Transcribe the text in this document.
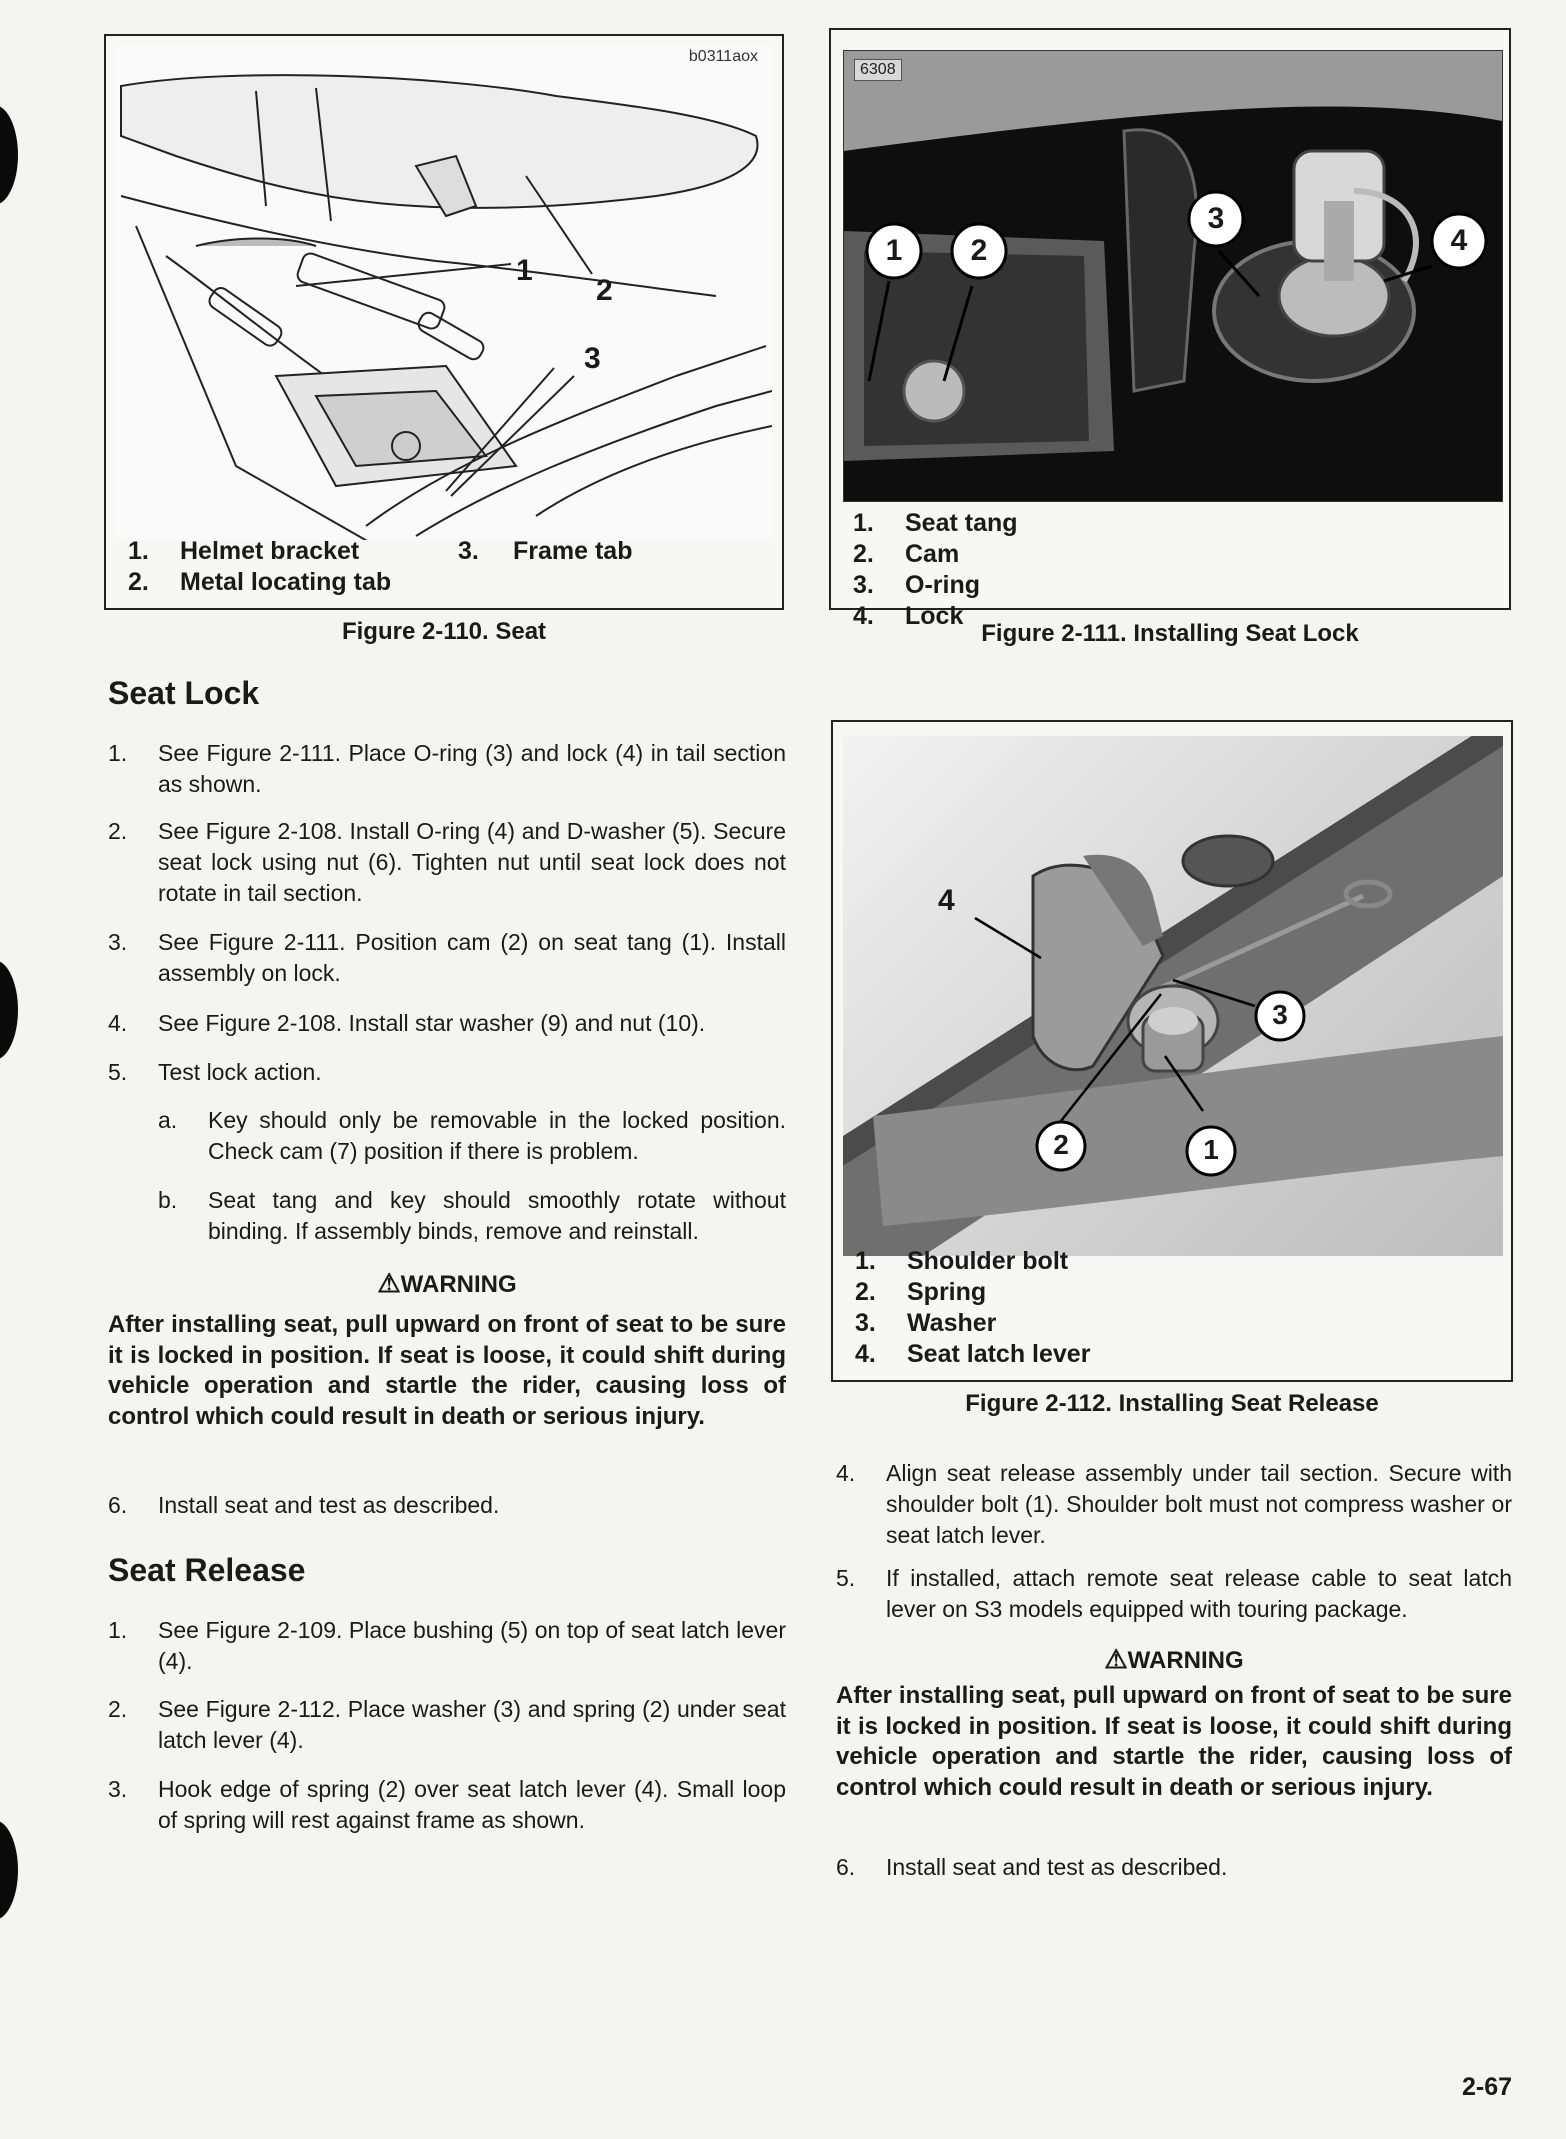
1
2
3
b0311aox
1. Helmet bracket
2. Metal locating tab
3. Frame tab
Figure 2-110. Seat
6308
1 2
3
4
1. Seat tang
2. Cam
3. O-ring
4. Lock
Figure 2-111. Installing Seat Lock
4
3
2	1
1. Shoulder bolt
2. Spring
3. Washer
4. Seat latch lever
Figure 2-112. Installing Seat Release
Seat Lock
1. See Figure 2-111. Place O-ring (3) and lock (4) in tail section as shown.
2. See Figure 2-108. Install O-ring (4) and D-washer (5). Secure seat lock using nut (6). Tighten nut until seat lock does not rotate in tail section.
3. See Figure 2-111. Position cam (2) on seat tang (1). Install assembly on lock.
4. See Figure 2-108. Install star washer (9) and nut (10).
5. Test lock action.
a. Key should only be removable in the locked position. Check cam (7) position if there is problem.
b. Seat tang and key should smoothly rotate without binding. If assembly binds, remove and reinstall.
⚠WARNING
After installing seat, pull upward on front of seat to be sure it is locked in position. If seat is loose, it could shift during vehicle operation and startle the rider, causing loss of control which could result in death or serious injury.
6. Install seat and test as described.
Seat Release
1. See Figure 2-109. Place bushing (5) on top of seat latch lever (4).
2. See Figure 2-112. Place washer (3) and spring (2) under seat latch lever (4).
3. Hook edge of spring (2) over seat latch lever (4). Small loop of spring will rest against frame as shown.
4. Align seat release assembly under tail section. Secure with shoulder bolt (1). Shoulder bolt must not compress washer or seat latch lever.
5. If installed, attach remote seat release cable to seat latch lever on S3 models equipped with touring package.
⚠WARNING
After installing seat, pull upward on front of seat to be sure it is locked in position. If seat is loose, it could shift during vehicle operation and startle the rider, causing loss of control which could result in death or serious injury.
6. Install seat and test as described.
2-67
